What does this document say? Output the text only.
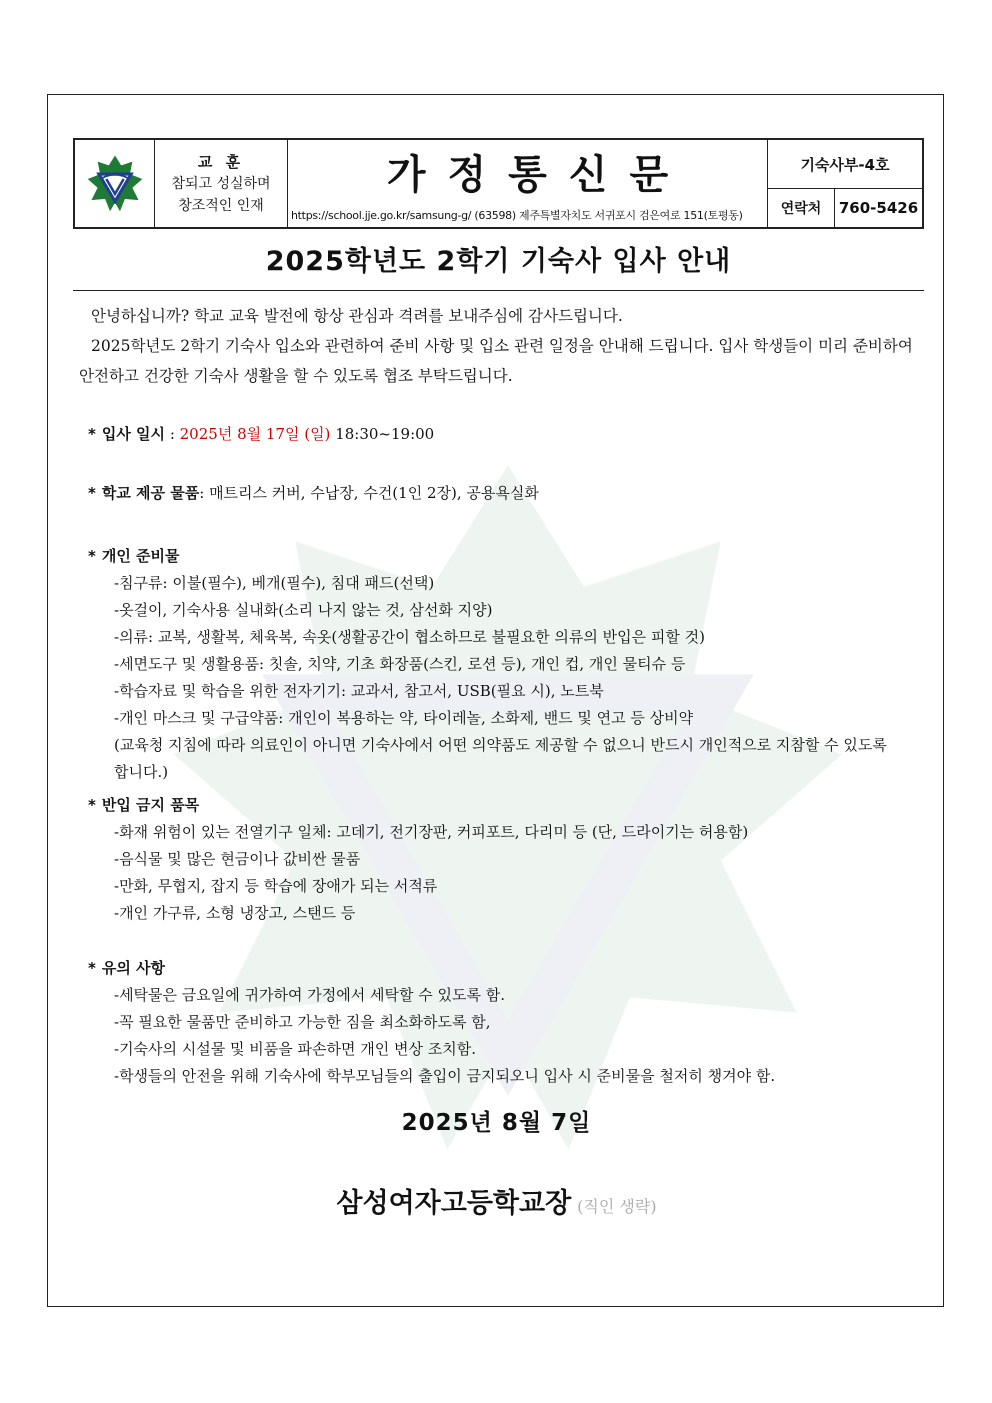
교 훈
참되고 성실하며
창조적인 인재
가정통신문
https://school.jje.go.kr/samsung-g/ (63598) 제주특별자치도 서귀포시 검은여로 151(토평동)
기숙사부-4호
연락처	760-5426
2025학년도 2학기 기숙사 입사 안내

안녕하십니까? 학교 교육 발전에 항상 관심과 격려를 보내주심에 감사드립니다.

2025학년도 2학기 기숙사 입소와 관련하여 준비 사항 및 입소 관련 일정을 안내해 드립니다. 입사 학생들이 미리 준비하여 안전하고 건강한 기숙사 생활을 할 수 있도록 협조 부탁드립니다.

* 입사 일시 : 2025년 8월 17일 (일) 18:30~19:00
* 학교 제공 물품: 매트리스 커버, 수납장, 수건(1인 2장), 공용욕실화
* 개인 준비물
-침구류: 이불(필수), 베개(필수), 침대 패드(선택)
-옷걸이, 기숙사용 실내화(소리 나지 않는 것, 삼선화 지양)
-의류: 교복, 생활복, 체육복, 속옷(생활공간이 협소하므로 불필요한 의류의 반입은 피할 것)
-세면도구 및 생활용품: 칫솔, 치약, 기초 화장품(스킨, 로션 등), 개인 컵, 개인 물티슈 등
-학습자료 및 학습을 위한 전자기기: 교과서, 참고서, USB(필요 시), 노트북
-개인 마스크 및 구급약품: 개인이 복용하는 약, 타이레놀, 소화제, 밴드 및 연고 등 상비약
(교육청 지침에 따라 의료인이 아니면 기숙사에서 어떤 의약품도 제공할 수 없으니 반드시 개인적으로 지참할 수 있도록 합니다.)
* 반입 금지 품목
-화재 위험이 있는 전열기구 일체: 고데기, 전기장판, 커피포트, 다리미 등 (단, 드라이기는 허용함)
-음식물 및 많은 현금이나 값비싼 물품
-만화, 무협지, 잡지 등 학습에 장애가 되는 서적류
-개인 가구류, 소형 냉장고, 스탠드 등
* 유의 사항
-세탁물은 금요일에 귀가하여 가정에서 세탁할 수 있도록 함.
-꼭 필요한 물품만 준비하고 가능한 짐을 최소화하도록 함,
-기숙사의 시설물 및 비품을 파손하면 개인 변상 조치함.
-학생들의 안전을 위해 기숙사에 학부모님들의 출입이 금지되오니 입사 시 준비물을 철저히 챙겨야 함.
2025년 8월 7일
삼성여자고등학교장 (직인 생략)
